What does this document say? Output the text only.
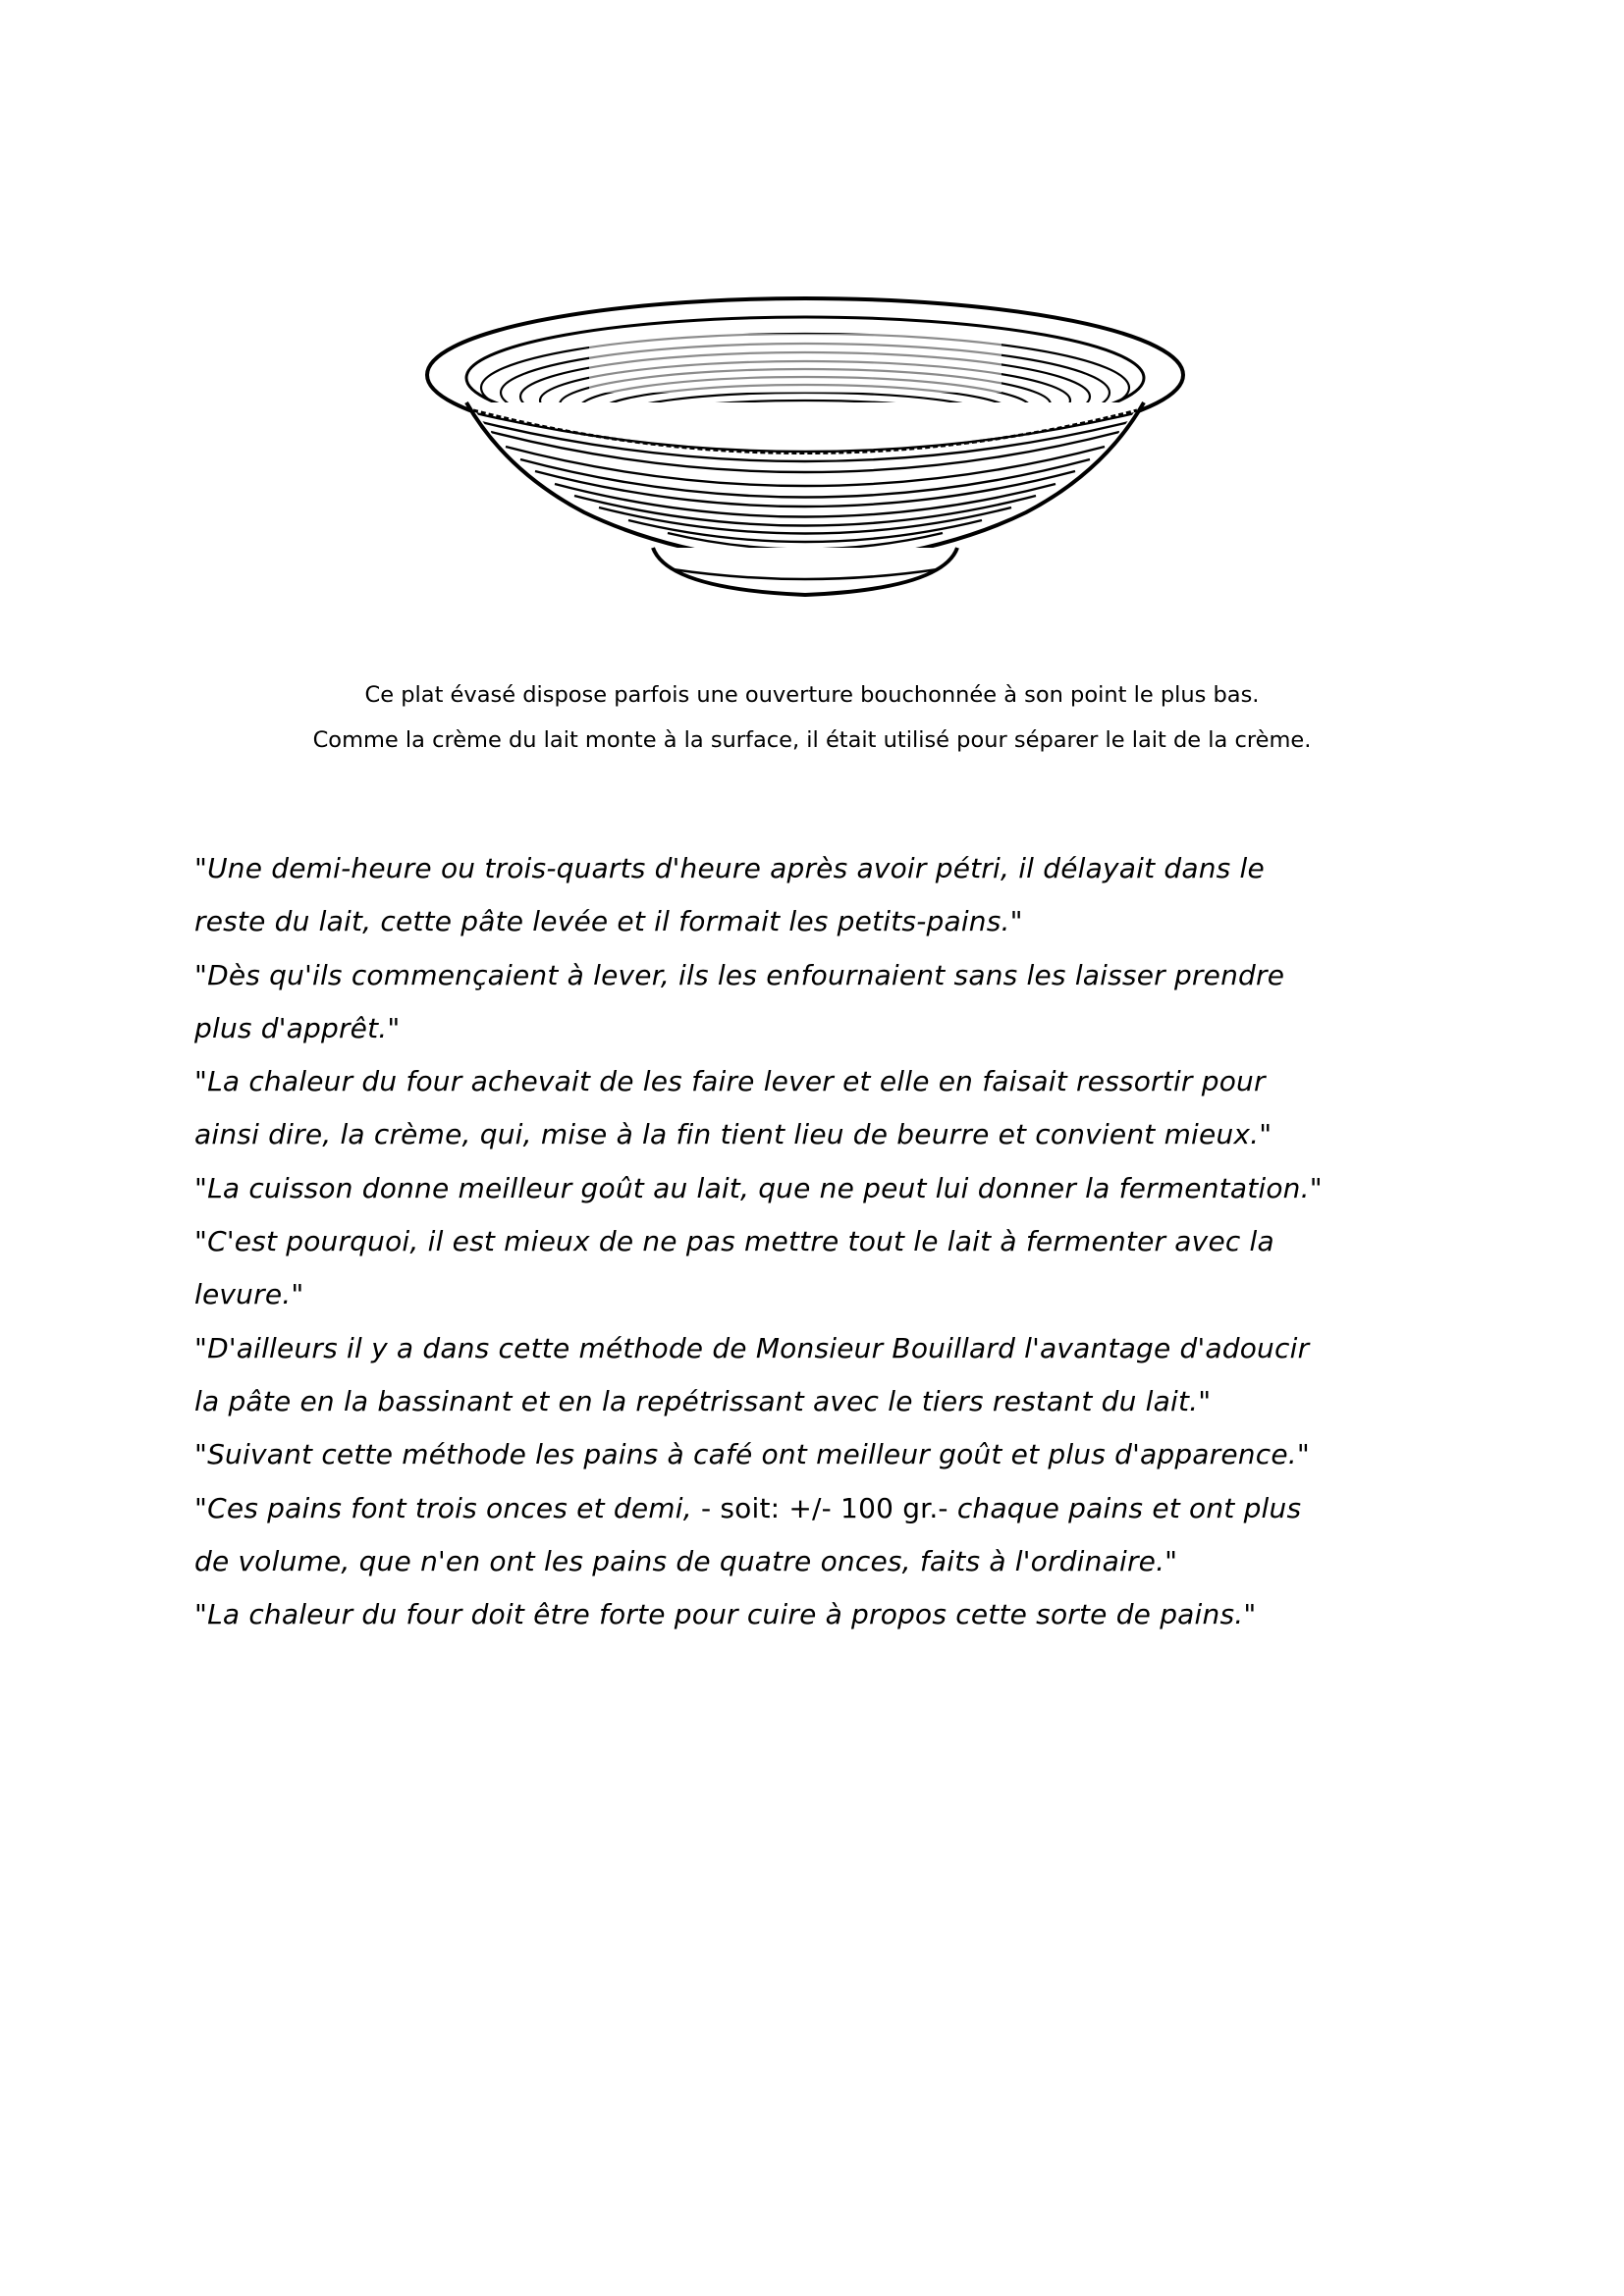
Ce plat évasé dispose parfois une ouverture bouchonnée à son point le plus bas.

Comme la crème du lait monte à la surface, il était utilisé pour séparer le lait de la crème.

"Une demi-heure ou trois-quarts d'heure après avoir pétri, il délayait dans le
reste du lait, cette pâte levée et il formait les petits-pains."
"Dès qu'ils commençaient à lever, ils les enfournaient sans les laisser prendre
plus d'apprêt."
"La chaleur du four achevait de les faire lever et elle en faisait ressortir pour
ainsi dire, la crème, qui, mise à la fin tient lieu de beurre et convient mieux."
"La cuisson donne meilleur goût au lait, que ne peut lui donner la fermentation."
"C'est pourquoi, il est mieux de ne pas mettre tout le lait à fermenter avec la
levure."
"D'ailleurs il y a dans cette méthode de Monsieur Bouillard l'avantage d'adoucir
la pâte en la bassinant et en la repétrissant avec le tiers restant du lait."
"Suivant cette méthode les pains à café ont meilleur goût et plus d'apparence."
"Ces pains font trois onces et demi, - soit: +/- 100 gr.- chaque pains et ont plus
de volume, que n'en ont les pains de quatre onces, faits à l'ordinaire."
"La chaleur du four doit être forte pour cuire à propos cette sorte de pains."
